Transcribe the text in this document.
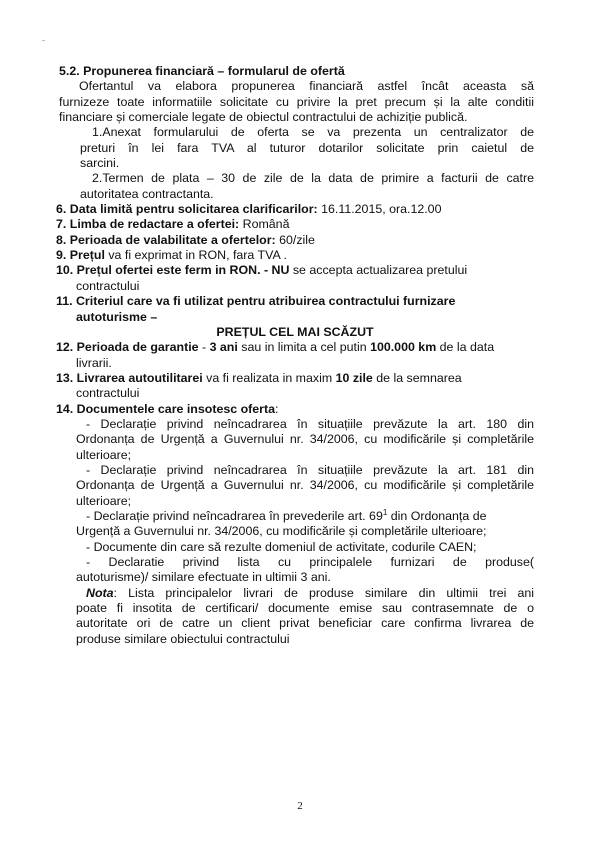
5.2. Propunerea financiară – formularul de ofertă
Ofertantul va elabora propunerea financiară astfel încât aceasta să
furnizeze toate informatiile solicitate cu privire la pret precum și la alte conditii
financiare și comerciale legate de obiectul contractului de achiziție publică.
1.Anexat formularului de oferta se va prezenta un centralizator de
preturi în lei fara TVA al tuturor dotarilor solicitate prin caietul de
sarcini.
2.Termen de plata – 30 de zile de la data de primire a facturii de catre
autoritatea contractanta.
6. Data limită pentru solicitarea clarificarilor: 16.11.2015, ora.12.00
7. Limba de redactare a ofertei: Română
8. Perioada de valabilitate a ofertelor: 60/zile
9. Prețul va fi exprimat in RON, fara TVA .
10. Prețul ofertei este ferm in RON. - NU se accepta actualizarea pretului
contractului
11. Criteriul care va fi utilizat pentru atribuirea contractului furnizare
autoturisme –
PREȚUL CEL MAI SCĂZUT
12. Perioada de garantie - 3 ani sau in limita a cel putin 100.000 km de la data
livrarii.
13. Livrarea autoutilitarei va fi realizata in maxim 10 zile de la semnarea
contractului
14. Documentele care insotesc oferta:
- Declarație privind neîncadrarea în situațiile prevăzute la art. 180 din
Ordonanța de Urgență a Guvernului nr. 34/2006, cu modificările și completările
ulterioare;
- Declarație privind neîncadrarea în situațiile prevăzute la art. 181 din
Ordonanța de Urgență a Guvernului nr. 34/2006, cu modificările și completările
ulterioare;
- Declarație privind neîncadrarea în prevederile art. $69^1$ din Ordonanța de
Urgență a Guvernului nr. 34/2006, cu modificările și completările ulterioare;
- Documente din care să rezulte domeniul de activitate, codurile CAEN;
- Declaratie privind lista cu principalele furnizari de produse(
autoturisme)/ similare efectuate in ultimii 3 ani.
Nota: Lista principalelor livrari de produse similare din ultimii trei ani
poate fi insotita de certificari/ documente emise sau contrasemnate de o
autoritate ori de catre un client privat beneficiar care confirma livrarea de
produse similare obiectului contractului
2
